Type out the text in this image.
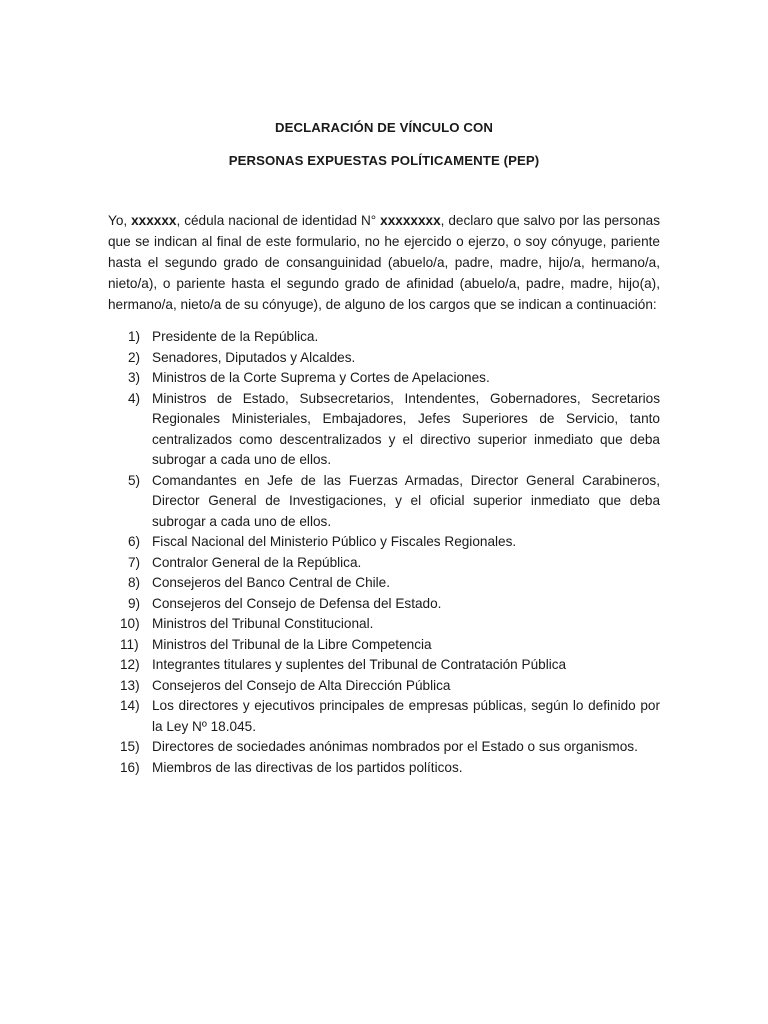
DECLARACIÓN DE VÍNCULO CON

PERSONAS EXPUESTAS POLÍTICAMENTE (PEP)

Yo, xxxxxx, cédula nacional de identidad N° xxxxxxxx, declaro que salvo por las personas que se indican al final de este formulario, no he ejercido o ejerzo, o soy cónyuge, pariente hasta el segundo grado de consanguinidad (abuelo/a, padre, madre, hijo/a, hermano/a, nieto/a), o pariente hasta el segundo grado de afinidad (abuelo/a, padre, madre, hijo(a), hermano/a, nieto/a de su cónyuge), de alguno de los cargos que se indican a continuación:

1) Presidente de la República.
2) Senadores, Diputados y Alcaldes.
3) Ministros de la Corte Suprema y Cortes de Apelaciones.
4) Ministros de Estado, Subsecretarios, Intendentes, Gobernadores, Secretarios Regionales Ministeriales, Embajadores, Jefes Superiores de Servicio, tanto centralizados como descentralizados y el directivo superior inmediato que deba subrogar a cada uno de ellos.
5) Comandantes en Jefe de las Fuerzas Armadas, Director General Carabineros, Director General de Investigaciones, y el oficial superior inmediato que deba subrogar a cada uno de ellos.
6) Fiscal Nacional del Ministerio Público y Fiscales Regionales.
7) Contralor General de la República.
8) Consejeros del Banco Central de Chile.
9) Consejeros del Consejo de Defensa del Estado.
10) Ministros del Tribunal Constitucional.
11) Ministros del Tribunal de la Libre Competencia
12) Integrantes titulares y suplentes del Tribunal de Contratación Pública
13) Consejeros del Consejo de Alta Dirección Pública
14) Los directores y ejecutivos principales de empresas públicas, según lo definido por la Ley Nº 18.045.
15) Directores de sociedades anónimas nombrados por el Estado o sus organismos.
16) Miembros de las directivas de los partidos políticos.
